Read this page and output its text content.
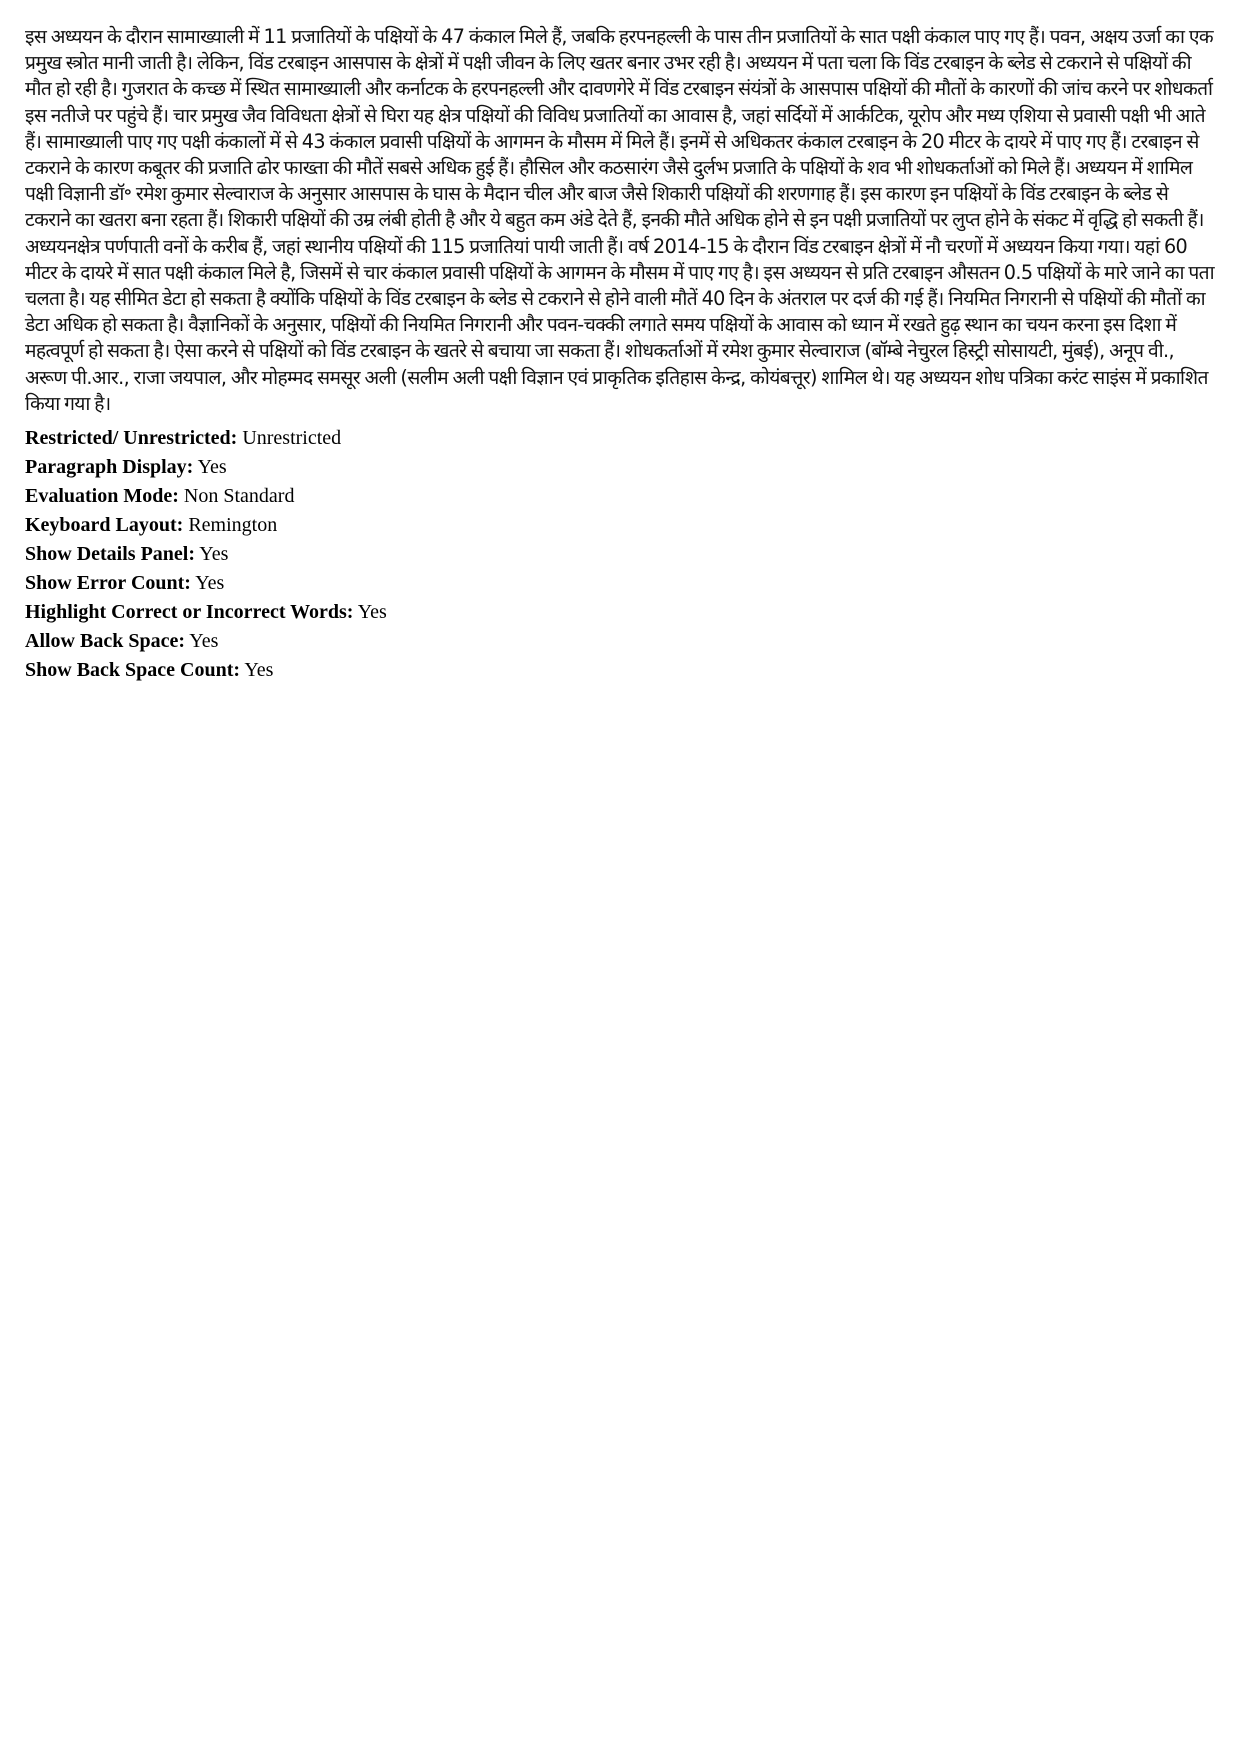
इस अध्ययन के दौरान सामाख्याली में 11 प्रजातियों के पक्षियों के 47 कंकाल मिले हैं, जबकि हरपनहल्ली के पास तीन प्रजातियों के सात पक्षी कंकाल पाए गए हैं। पवन, अक्षय उर्जा का एक प्रमुख स्त्रोत मानी जाती है। लेकिन, विंड टरबाइन आसपास के क्षेत्रों में पक्षी जीवन के लिए खतर बनार उभर रही है। अध्ययन में पता चला कि विंड टरबाइन के ब्लेड से टकराने से पक्षियों की मौत हो रही है। गुजरात के कच्छ में स्थित सामाख्याली और कर्नाटक के हरपनहल्ली और दावणगेरे में विंड टरबाइन संयंत्रों के आसपास पक्षियों की मौतों के कारणों की जांच करने पर शोधकर्ता इस नतीजे पर पहुंचे हैं। चार प्रमुख जैव विविधता क्षेत्रों से घिरा यह क्षेत्र पक्षियों की विविध प्रजातियों का आवास है, जहां सर्दियों में आर्कटिक, यूरोप और मध्य एशिया से प्रवासी पक्षी भी आते हैं। सामाख्याली पाए गए पक्षी कंकालों में से 43 कंकाल प्रवासी पक्षियों के आगमन के मौसम में मिले हैं। इनमें से अधिकतर कंकाल टरबाइन के 20 मीटर के दायरे में पाए गए हैं। टरबाइन से टकराने के कारण कबूतर की प्रजाति ढोर फाख्ता की मौतें सबसे अधिक हुई हैं। हौसिल और कठसारंग जैसे दुर्लभ प्रजाति के पक्षियों के शव भी शोधकर्ताओं को मिले हैं। अध्ययन में शामिल पक्षी विज्ञानी डॉ॰ रमेश कुमार सेल्वाराज के अनुसार आसपास के घास के मैदान चील और बाज जैसे शिकारी पक्षियों की शरणगाह हैं। इस कारण इन पक्षियों के विंड टरबाइन के ब्लेड से टकराने का खतरा बना रहता हैं। शिकारी पक्षियों की उम्र लंबी होती है और ये बहुत कम अंडे देते हैं, इनकी मौते अधिक होने से इन पक्षी प्रजातियों पर लुप्त होने के संकट में वृद्धि हो सकती हैं। अध्ययनक्षेत्र पर्णपाती वनों के करीब हैं, जहां स्थानीय पक्षियों की 115 प्रजातियां पायी जाती हैं। वर्ष 2014-15 के दौरान विंड टरबाइन क्षेत्रों में नौ चरणों में अध्ययन किया गया। यहां 60 मीटर के दायरे में सात पक्षी कंकाल मिले है, जिसमें से चार कंकाल प्रवासी पक्षियों के आगमन के मौसम में पाए गए है। इस अध्ययन से प्रति टरबाइन औसतन 0.5 पक्षियों के मारे जाने का पता चलता है। यह सीमित डेटा हो सकता है क्योंकि पक्षियों के विंड टरबाइन के ब्लेड से टकराने से होने वाली मौतें 40 दिन के अंतराल पर दर्ज की गई हैं। नियमित निगरानी से पक्षियों की मौतों का डेटा अधिक हो सकता है। वैज्ञानिकों के अनुसार, पक्षियों की नियमित निगरानी और पवन-चक्की लगाते समय पक्षियों के आवास को ध्यान में रखते हुढ़ स्थान का चयन करना इस दिशा में महत्वपूर्ण हो सकता है। ऐसा करने से पक्षियों को विंड टरबाइन के खतरे से बचाया जा सकता हैं। शोधकर्ताओं में रमेश कुमार सेल्वाराज (बॉम्बे नेचुरल हिस्ट्री सोसायटी, मुंबई), अनूप वी., अरूण पी.आर., राजा जयपाल, और मोहम्मद समसूर अली (सलीम अली पक्षी विज्ञान एवं प्राकृतिक इतिहास केन्द्र, कोयंबत्तूर) शामिल थे। यह अध्ययन शोध पत्रिका करंट साइंस में प्रकाशित किया गया है।

Restricted/ Unrestricted: Unrestricted
Paragraph Display: Yes
Evaluation Mode: Non Standard
Keyboard Layout: Remington
Show Details Panel: Yes
Show Error Count: Yes
Highlight Correct or Incorrect Words: Yes
Allow Back Space: Yes
Show Back Space Count: Yes
